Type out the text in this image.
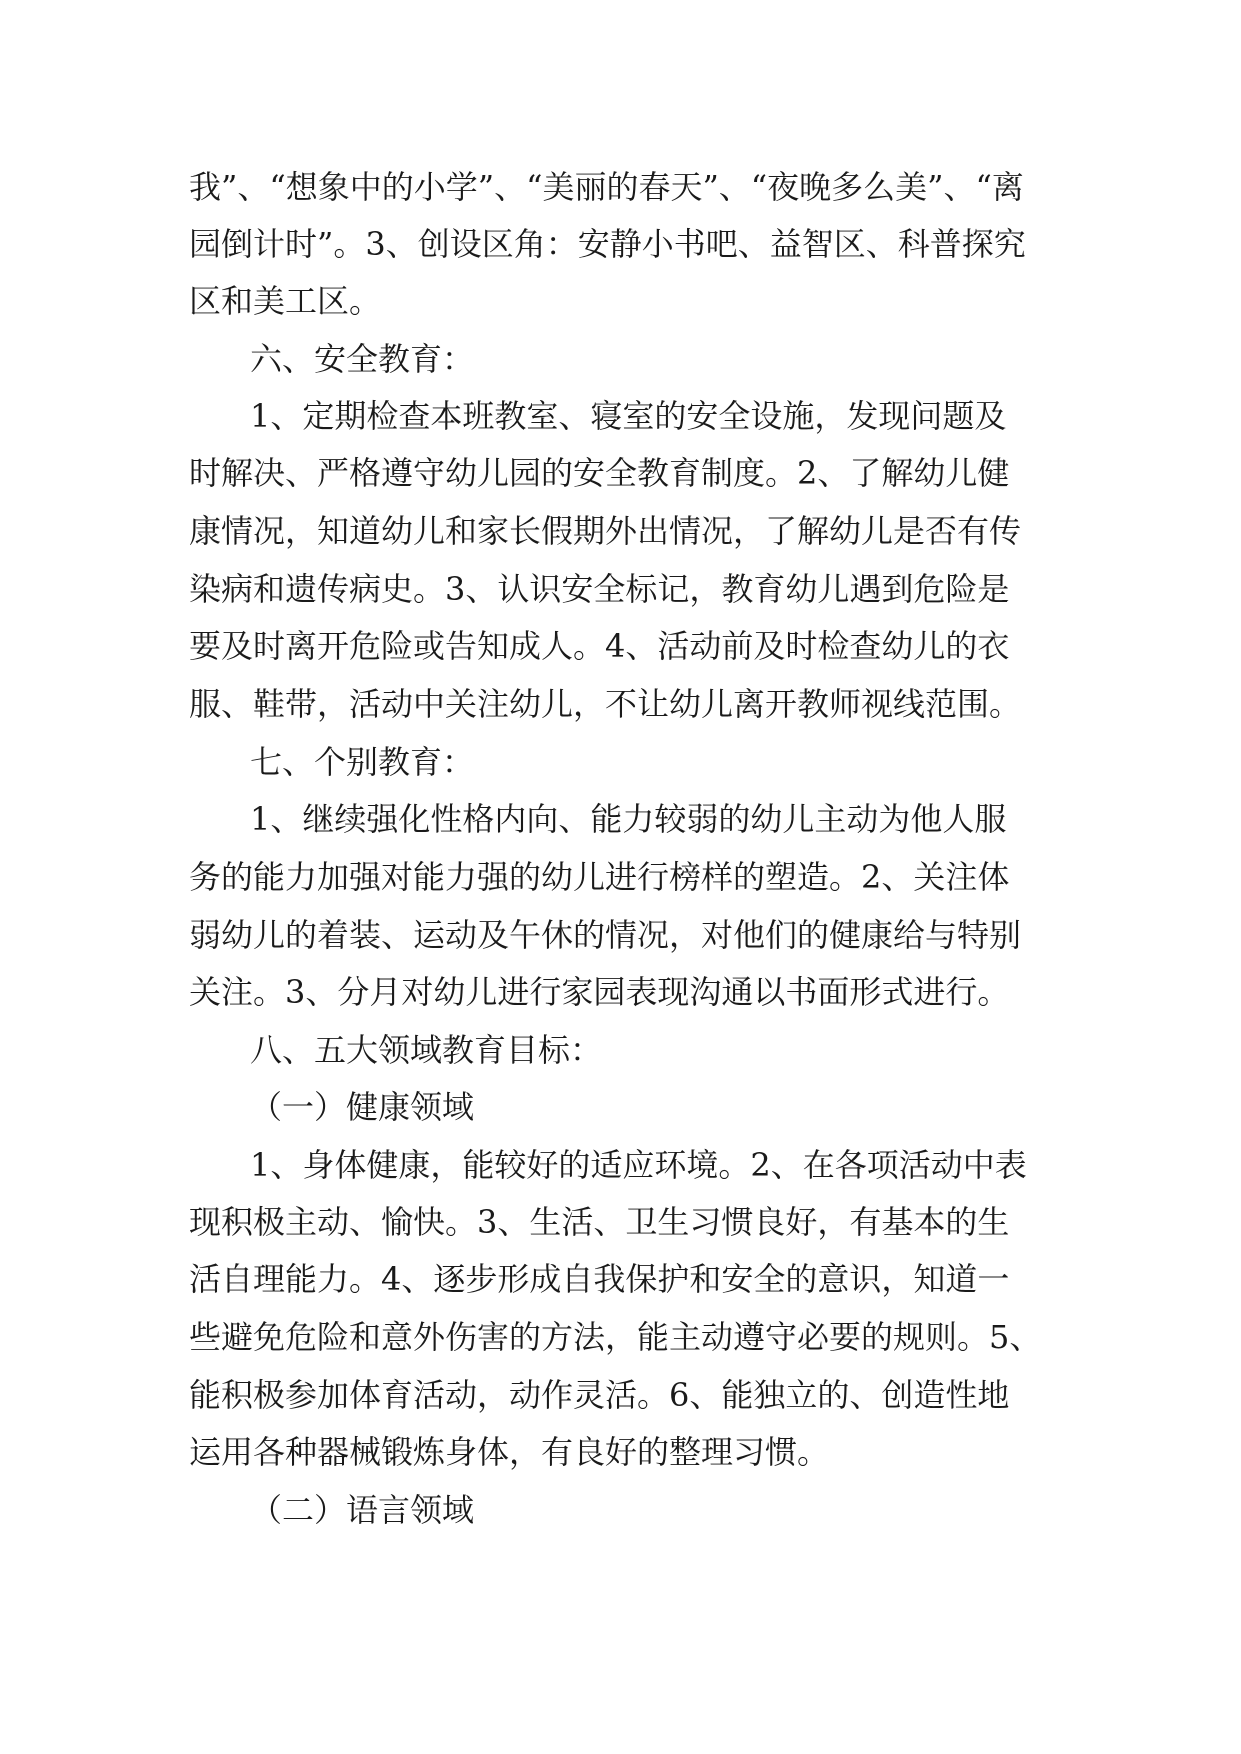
我”、“想象中的小学”、“美丽的春天”、“夜晚多么美”、“离
园倒计时”。3、创设区角：安静小书吧、益智区、科普探究
区和美工区。
六、安全教育：
1、定期检查本班教室、寝室的安全设施，发现问题及
时解决、严格遵守幼儿园的安全教育制度。2、了解幼儿健
康情况，知道幼儿和家长假期外出情况，了解幼儿是否有传
染病和遗传病史。3、认识安全标记，教育幼儿遇到危险是
要及时离开危险或告知成人。4、活动前及时检查幼儿的衣
服、鞋带，活动中关注幼儿，不让幼儿离开教师视线范围。
七、个别教育：
1、继续强化性格内向、能力较弱的幼儿主动为他人服
务的能力加强对能力强的幼儿进行榜样的塑造。2、关注体
弱幼儿的着装、运动及午休的情况，对他们的健康给与特别
关注。3、分月对幼儿进行家园表现沟通以书面形式进行。
八、五大领域教育目标：
（一）健康领域
1、身体健康，能较好的适应环境。2、在各项活动中表
现积极主动、愉快。3、生活、卫生习惯良好，有基本的生
活自理能力。4、逐步形成自我保护和安全的意识，知道一
些避免危险和意外伤害的方法，能主动遵守必要的规则。5、
能积极参加体育活动，动作灵活。6、能独立的、创造性地
运用各种器械锻炼身体，有良好的整理习惯。
（二）语言领域
